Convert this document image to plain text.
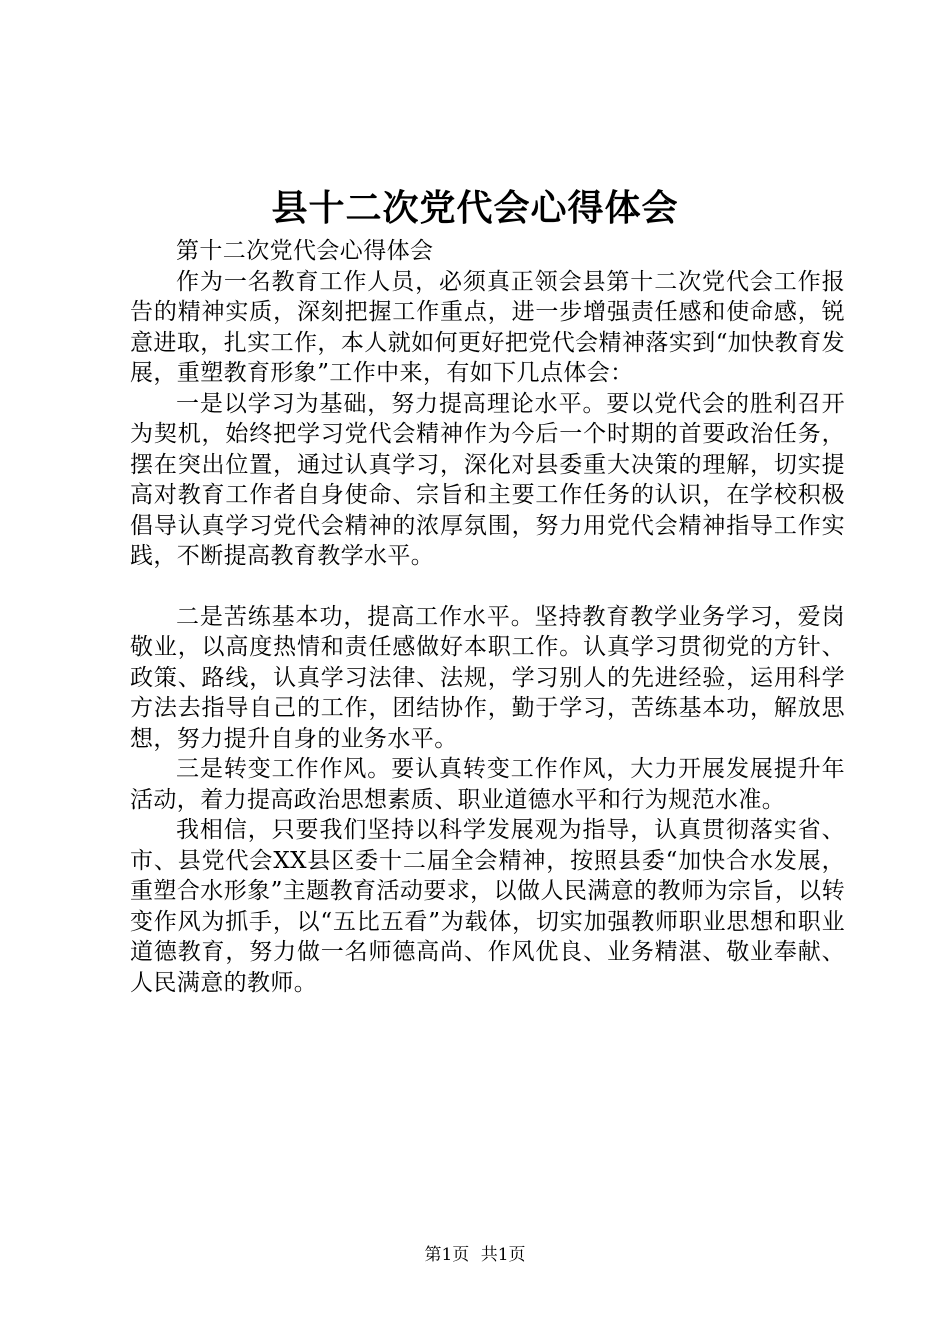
县十二次党代会心得体会

第十二次党代会心得体会

作为一名教育工作人员，必须真正领会县第十二次党代会工作报告的精神实质，深刻把握工作重点，进一步增强责任感和使命感，锐意进取，扎实工作，本人就如何更好把党代会精神落实到“加快教育发展，重塑教育形象”工作中来，有如下几点体会：

一是以学习为基础，努力提高理论水平。要以党代会的胜利召开为契机，始终把学习党代会精神作为今后一个时期的首要政治任务，摆在突出位置，通过认真学习，深化对县委重大决策的理解，切实提高对教育工作者自身使命、宗旨和主要工作任务的认识，在学校积极倡导认真学习党代会精神的浓厚氛围，努力用党代会精神指导工作实践，不断提高教育教学水平。

二是苦练基本功，提高工作水平。坚持教育教学业务学习，爱岗敬业，以高度热情和责任感做好本职工作。认真学习贯彻党的方针、政策、路线，认真学习法律、法规，学习别人的先进经验，运用科学方法去指导自己的工作，团结协作，勤于学习，苦练基本功，解放思想，努力提升自身的业务水平。

三是转变工作作风。要认真转变工作作风，大力开展发展提升年活动，着力提高政治思想素质、职业道德水平和行为规范水准。

我相信，只要我们坚持以科学发展观为指导，认真贯彻落实省、市、县党代会XX县区委十二届全会精神，按照县委“加快合水发展，重塑合水形象”主题教育活动要求，以做人民满意的教师为宗旨，以转变作风为抓手，以“五比五看”为载体，切实加强教师职业思想和职业道德教育，努力做一名师德高尚、作风优良、业务精湛、敬业奉献、人民满意的教师。

第1页 共1页
